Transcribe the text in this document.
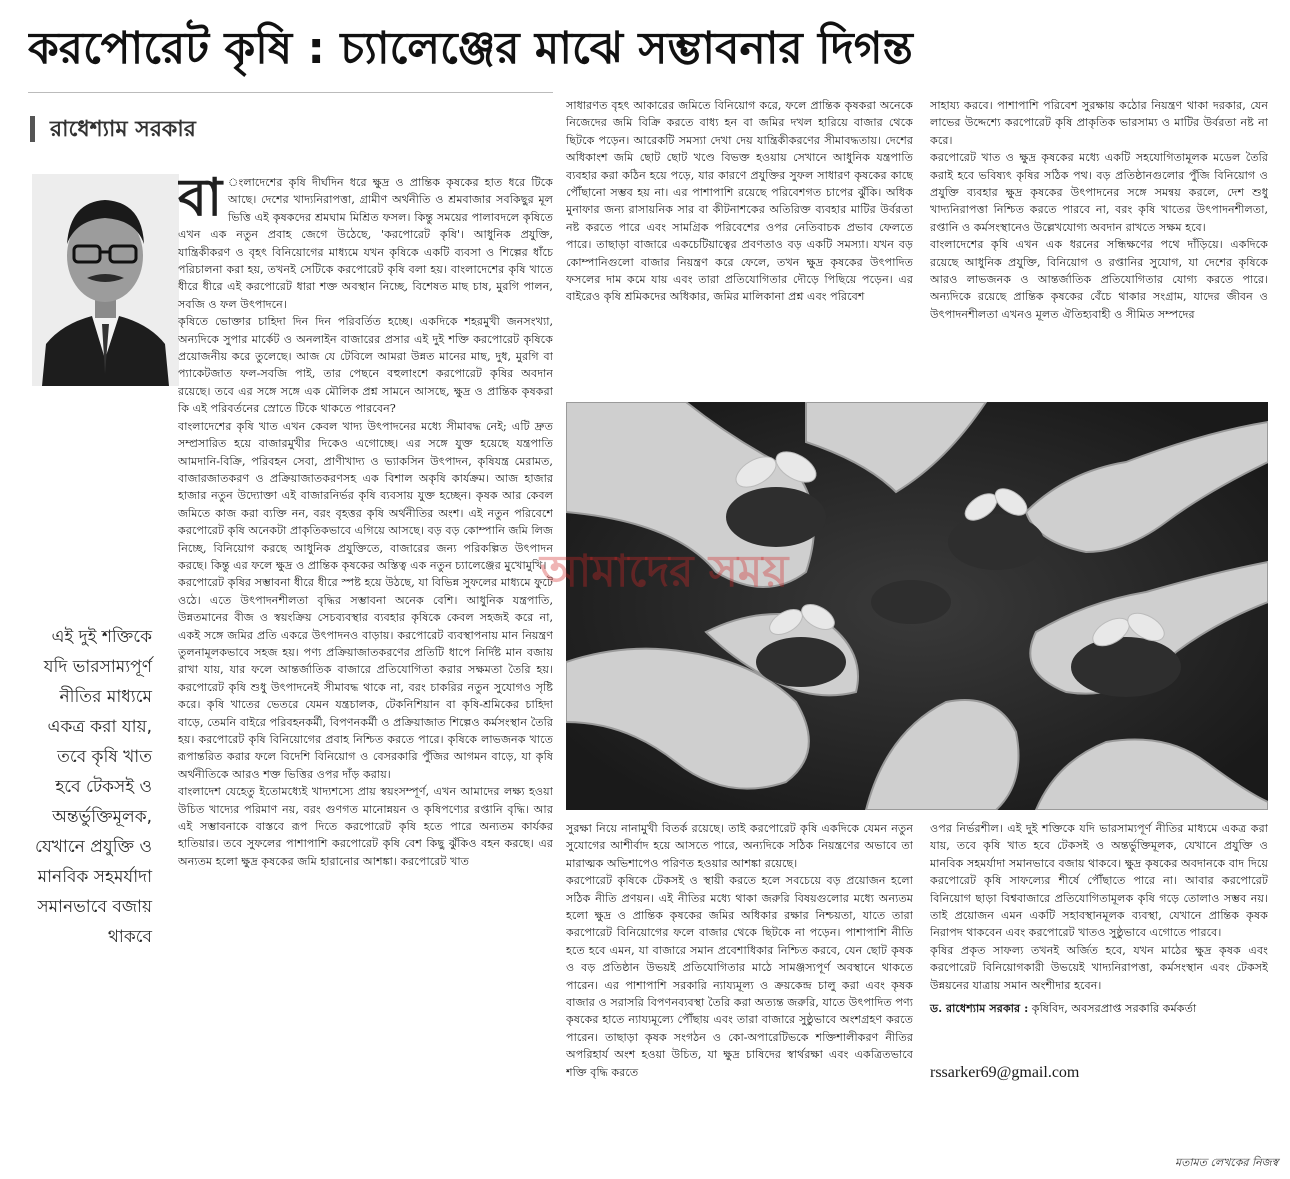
করপোরেট কৃষি : চ্যালেঞ্জের মাঝে সম্ভাবনার দিগন্ত
রাধেশ্যাম সরকার
বা ংলাদেশের কৃষি দীর্ঘদিন ধরে ক্ষুদ্র ও প্রান্তিক কৃষকের হাত ধরে টিকে আছে। দেশের খাদ্যনিরাপত্তা, গ্রামীণ অর্থনীতি ও শ্রমবাজার সবকিছুর মূল ভিত্তি এই কৃষকদের শ্রমঘাম মিশ্রিত ফসল। কিন্তু সময়ের পালাবদলে কৃষিতে এখন এক নতুন প্রবাহ জেগে উঠেছে, 'করপোরেট কৃষি'। আধুনিক প্রযুক্তি, যান্ত্রিকীকরণ ও বৃহৎ বিনিয়োগের মাধ্যমে যখন কৃষিকে একটি ব্যবসা ও শিল্পের ধাঁচে পরিচালনা করা হয়, তখনই সেটিকে করপোরেট কৃষি বলা হয়। বাংলাদেশের কৃষি খাতে ধীরে ধীরে এই করপোরেট ধারা শক্ত অবস্থান নিচ্ছে, বিশেষত মাছ চাষ, মুরগি পালন, সবজি ও ফল উৎপাদনে।

কৃষিতে ভোক্তার চাহিদা দিন দিন পরিবর্তিত হচ্ছে। একদিকে শহরমুখী জনসংখ্যা, অন্যদিকে সুপার মার্কেট ও অনলাইন বাজারের প্রসার এই দুই শক্তি করপোরেট কৃষিকে প্রয়োজনীয় করে তুলেছে। আজ যে টেবিলে আমরা উন্নত মানের মাছ, দুধ, মুরগি বা প্যাকেটজাত ফল-সবজি পাই, তার পেছনে বহুলাংশে করপোরেট কৃষির অবদান রয়েছে। তবে এর সঙ্গে সঙ্গে এক মৌলিক প্রশ্ন সামনে আসছে, ক্ষুদ্র ও প্রান্তিক কৃষকরা কি এই পরিবর্তনের স্রোতে টিকে থাকতে পারবেন?

বাংলাদেশের কৃষি খাত এখন কেবল খাদ্য উৎপাদনের মধ্যে সীমাবদ্ধ নেই; এটি দ্রুত সম্প্রসারিত হয়ে বাজারমুখীর দিকেও এগোচ্ছে। এর সঙ্গে যুক্ত হয়েছে যন্ত্রপাতি আমদানি-বিক্রি, পরিবহন সেবা, প্রাণীখাদ্য ও ভ্যাকসিন উৎপাদন, কৃষিযন্ত্র মেরামত, বাজারজাতকরণ ও প্রক্রিয়াজাতকরণসহ এক বিশাল অকৃষি কার্যক্রম। আজ হাজার হাজার নতুন উদ্যোক্তা এই বাজারনির্ভর কৃষি ব্যবসায় যুক্ত হচ্ছেন। কৃষক আর কেবল জমিতে কাজ করা ব্যক্তি নন, বরং বৃহত্তর কৃষি অর্থনীতির অংশ। এই নতুন পরিবেশে করপোরেট কৃষি অনেকটা প্রাকৃতিকভাবে এগিয়ে আসছে। বড় বড় কোম্পানি জমি লিজ নিচ্ছে, বিনিয়োগ করছে আধুনিক প্রযুক্তিতে, বাজারের জন্য পরিকল্পিত উৎপাদন করছে। কিন্তু এর ফলে ক্ষুদ্র ও প্রান্তিক কৃষকের অস্তিত্ব এক নতুন চ্যালেঞ্জের মুখোমুখি।

করপোরেট কৃষির সম্ভাবনা ধীরে ধীরে স্পষ্ট হয়ে উঠছে, যা বিভিন্ন সুফলের মাধ্যমে ফুটে ওঠে। এতে উৎপাদনশীলতা বৃদ্ধির সম্ভাবনা অনেক বেশি। আধুনিক যন্ত্রপাতি, উন্নতমানের বীজ ও স্বয়ংক্রিয় সেচব্যবস্থার ব্যবহার কৃষিকে কেবল সহজই করে না, একই সঙ্গে জমির প্রতি একরে উৎপাদনও বাড়ায়। করপোরেট ব্যবস্থাপনায় মান নিয়ন্ত্রণ তুলনামূলকভাবে সহজ হয়। পণ্য প্রক্রিয়াজাতকরণের প্রতিটি ধাপে নির্দিষ্ট মান বজায় রাখা যায়, যার ফলে আন্তর্জাতিক বাজারে প্রতিযোগিতা করার সক্ষমতা তৈরি হয়। করপোরেট কৃষি শুধু উৎপাদনেই সীমাবদ্ধ থাকে না, বরং চাকরির নতুন সুযোগও সৃষ্টি করে। কৃষি খাতের ভেতরে যেমন যন্ত্রচালক, টেকনিশিয়ান বা কৃষি-শ্রমিকের চাহিদা বাড়ে, তেমনি বাইরে পরিবহনকর্মী, বিপণনকর্মী ও প্রক্রিয়াজাত শিল্পেও কর্মসংস্থান তৈরি হয়। করপোরেট কৃষি বিনিয়োগের প্রবাহ নিশ্চিত করতে পারে। কৃষিকে লাভজনক খাতে রূপান্তরিত করার ফলে বিদেশি বিনিয়োগ ও বেসরকারি পুঁজির আগমন বাড়ে, যা কৃষি অর্থনীতিকে আরও শক্ত ভিত্তির ওপর দাঁড় করায়।

বাংলাদেশ যেহেতু ইতোমধ্যেই খাদ্যশস্যে প্রায় স্বয়ংসম্পূর্ণ, এখন আমাদের লক্ষ্য হওয়া উচিত খাদ্যের পরিমাণ নয়, বরং গুণগত মানোন্নয়ন ও কৃষিপণ্যের রপ্তানি বৃদ্ধি। আর এই সম্ভাবনাকে বাস্তবে রূপ দিতে করপোরেট কৃষি হতে পারে অন্যতম কার্যকর হাতিয়ার। তবে সুফলের পাশাপাশি করপোরেট কৃষি বেশ কিছু ঝুঁকিও বহন করছে। এর অন্যতম হলো ক্ষুদ্র কৃষকের জমি হারানোর আশঙ্কা। করপোরেট খাত

এই দুই শক্তিকে যদি ভারসাম্যপূর্ণ নীতির মাধ্যমে একত্র করা যায়, তবে কৃষি খাত হবে টেকসই ও অন্তর্ভুক্তিমূলক, যেখানে প্রযুক্তি ও মানবিক সহমর্যাদা সমানভাবে বজায় থাকবে

সাধারণত বৃহৎ আকারের জমিতে বিনিয়োগ করে, ফলে প্রান্তিক কৃষকরা অনেকে নিজেদের জমি বিক্রি করতে বাধ্য হন বা জমির দখল হারিয়ে বাজার থেকে ছিটকে পড়েন। আরেকটি সমস্যা দেখা দেয় যান্ত্রিকীকরণের সীমাবদ্ধতায়। দেশের অধিকাংশ জমি ছোট ছোট খণ্ডে বিভক্ত হওয়ায় সেখানে আধুনিক যন্ত্রপাতি ব্যবহার করা কঠিন হয়ে পড়ে, যার কারণে প্রযুক্তির সুফল সাধারণ কৃষকের কাছে পৌঁছানো সম্ভব হয় না। এর পাশাপাশি রয়েছে পরিবেশগত চাপের ঝুঁকি। অধিক মুনাফার জন্য রাসায়নিক সার বা কীটনাশকের অতিরিক্ত ব্যবহার মাটির উর্বরতা নষ্ট করতে পারে এবং সামগ্রিক পরিবেশের ওপর নেতিবাচক প্রভাব ফেলতে পারে। তাছাড়া বাজারে একচেটিয়াত্বের প্রবণতাও বড় একটি সমস্যা। যখন বড় কোম্পানিগুলো বাজার নিয়ন্ত্রণ করে ফেলে, তখন ক্ষুদ্র কৃষকের উৎপাদিত ফসলের দাম কমে যায় এবং তারা প্রতিযোগিতার দৌড়ে পিছিয়ে পড়েন। এর বাইরেও কৃষি শ্রমিকদের অধিকার, জমির মালিকানা প্রশ্ন এবং পরিবেশ

সাহায্য করবে। পাশাপাশি পরিবেশ সুরক্ষায় কঠোর নিয়ন্ত্রণ থাকা দরকার, যেন লাভের উদ্দেশ্যে করপোরেট কৃষি প্রাকৃতিক ভারসাম্য ও মাটির উর্বরতা নষ্ট না করে।

করপোরেট খাত ও ক্ষুদ্র কৃষকের মধ্যে একটি সহযোগিতামূলক মডেল তৈরি করাই হবে ভবিষ্যৎ কৃষির সঠিক পথ। বড় প্রতিষ্ঠানগুলোর পুঁজি বিনিয়োগ ও প্রযুক্তি ব্যবহার ক্ষুদ্র কৃষকের উৎপাদনের সঙ্গে সমন্বয় করলে, দেশ শুধু খাদ্যনিরাপত্তা নিশ্চিত করতে পারবে না, বরং কৃষি খাতের উৎপাদনশীলতা, রপ্তানি ও কর্মসংস্থানেও উল্লেখযোগ্য অবদান রাখতে সক্ষম হবে।

বাংলাদেশের কৃষি এখন এক ধরনের সন্ধিক্ষণের পথে দাঁড়িয়ে। একদিকে রয়েছে আধুনিক প্রযুক্তি, বিনিয়োগ ও রপ্তানির সুযোগ, যা দেশের কৃষিকে আরও লাভজনক ও আন্তর্জাতিক প্রতিযোগিতার যোগ্য করতে পারে। অন্যদিকে রয়েছে প্রান্তিক কৃষকের বেঁচে থাকার সংগ্রাম, যাদের জীবন ও উৎপাদনশীলতা এখনও মূলত ঐতিহ্যবাহী ও সীমিত সম্পদের

আমাদের সময়

সুরক্ষা নিয়ে নানামুখী বিতর্ক রয়েছে। তাই করপোরেট কৃষি একদিকে যেমন নতুন সুযোগের আশীর্বাদ হয়ে আসতে পারে, অন্যদিকে সঠিক নিয়ন্ত্রণের অভাবে তা মারাত্মক অভিশাপেও পরিণত হওয়ার আশঙ্কা রয়েছে।

করপোরেট কৃষিকে টেকসই ও স্থায়ী করতে হলে সবচেয়ে বড় প্রয়োজন হলো সঠিক নীতি প্রণয়ন। এই নীতির মধ্যে থাকা জরুরি বিষয়গুলোর মধ্যে অন্যতম হলো ক্ষুদ্র ও প্রান্তিক কৃষকের জমির অধিকার রক্ষার নিশ্চয়তা, যাতে তারা করপোরেট বিনিয়োগের ফলে বাজার থেকে ছিটকে না পড়েন। পাশাপাশি নীতি হতে হবে এমন, যা বাজারে সমান প্রবেশাধিকার নিশ্চিত করবে, যেন ছোট কৃষক ও বড় প্রতিষ্ঠান উভয়ই প্রতিযোগিতার মাঠে সামঞ্জস্যপূর্ণ অবস্থানে থাকতে পারেন। এর পাশাপাশি সরকারি ন্যায্যমূল্য ও ক্রয়কেন্দ্র চালু করা এবং কৃষক বাজার ও সরাসরি বিপণনব্যবস্থা তৈরি করা অত্যন্ত জরুরি, যাতে উৎপাদিত পণ্য কৃষকের হাতে ন্যায্যমূল্যে পৌঁছায় এবং তারা বাজারে সুষ্ঠুভাবে অংশগ্রহণ করতে পারেন। তাছাড়া কৃষক সংগঠন ও কো-অপারেটিভকে শক্তিশালীকরণ নীতির অপরিহার্য অংশ হওয়া উচিত, যা ক্ষুদ্র চাষিদের স্বার্থরক্ষা এবং একত্রিতভাবে শক্তি বৃদ্ধি করতে

ওপর নির্ভরশীল। এই দুই শক্তিকে যদি ভারসাম্যপূর্ণ নীতির মাধ্যমে একত্র করা যায়, তবে কৃষি খাত হবে টেকসই ও অন্তর্ভুক্তিমূলক, যেখানে প্রযুক্তি ও মানবিক সহমর্যাদা সমানভাবে বজায় থাকবে। ক্ষুদ্র কৃষকের অবদানকে বাদ দিয়ে করপোরেট কৃষি সাফল্যের শীর্ষে পৌঁছাতে পারে না। আবার করপোরেট বিনিয়োগ ছাড়া বিশ্ববাজারে প্রতিযোগিতামূলক কৃষি গড়ে তোলাও সম্ভব নয়। তাই প্রয়োজন এমন একটি সহাবস্থানমূলক ব্যবস্থা, যেখানে প্রান্তিক কৃষক নিরাপদ থাকবেন এবং করপোরেট খাতও সুষ্ঠুভাবে এগোতে পারবে।

কৃষির প্রকৃত সাফল্য তখনই অর্জিত হবে, যখন মাঠের ক্ষুদ্র কৃষক এবং করপোরেট বিনিয়োগকারী উভয়েই খাদ্যনিরাপত্তা, কর্মসংস্থান এবং টেকসই উন্নয়নের যাত্রায় সমান অংশীদার হবেন।

ড. রাধেশ্যাম সরকার : কৃষিবিদ, অবসরপ্রাপ্ত সরকারি কর্মকর্তা
rssarker69@gmail.com
মতামত লেখকের নিজস্ব
